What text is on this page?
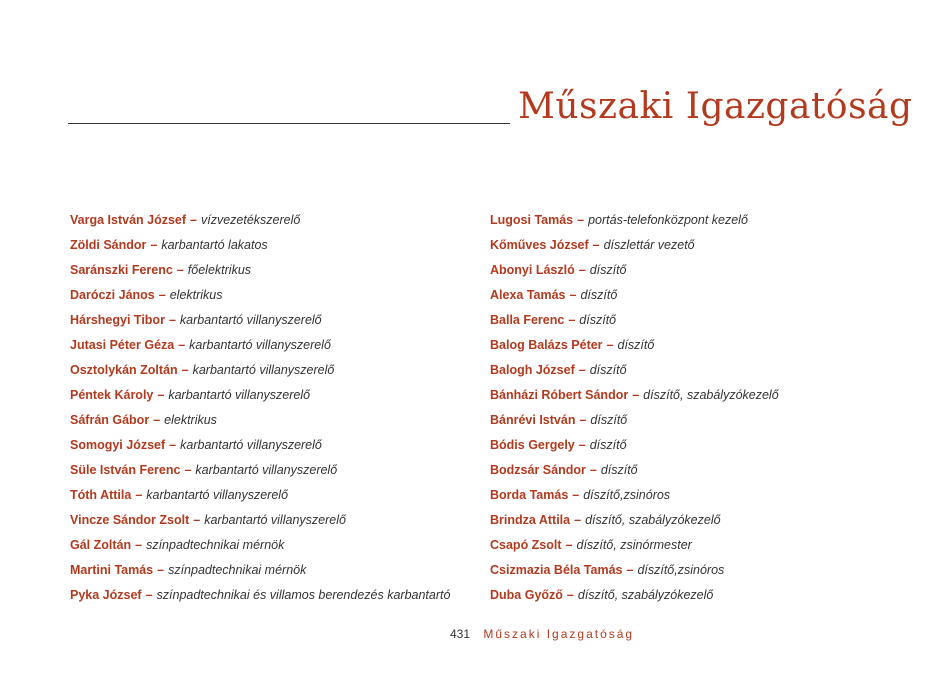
Műszaki Igazgatóság
Varga István József – vízvezetékszerelő
Zöldi Sándor – karbantartó lakatos
Saránszki Ferenc – főelektrikus
Daróczi János – elektrikus
Hárshegyi Tibor – karbantartó villanyszerelő
Jutasi Péter Géza – karbantartó villanyszerelő
Osztolykán Zoltán – karbantartó villanyszerelő
Péntek Károly – karbantartó villanyszerelő
Sáfrán Gábor – elektrikus
Somogyi József – karbantartó villanyszerelő
Süle István Ferenc – karbantartó villanyszerelő
Tóth Attila – karbantartó villanyszerelő
Vincze Sándor Zsolt – karbantartó villanyszerelő
Gál Zoltán – színpadtechnikai mérnök
Martini Tamás – színpadtechnikai mérnök
Pyka József – színpadtechnikai és villamos berendezés karbantartó
Lugosi Tamás – portás-telefonközpont kezelő
Kőműves József – díszlettár vezető
Abonyi László – díszítő
Alexa Tamás – díszítő
Balla Ferenc – díszítő
Balog Balázs Péter – díszítő
Balogh József – díszítő
Bánházi Róbert Sándor – díszítő, szabályzókezelő
Bánrévi István – díszítő
Bódis Gergely – díszítő
Bodzsár Sándor – díszítő
Borda Tamás – díszítő,zsinóros
Brindza Attila – díszítő, szabályzókezelő
Csapó Zsolt – díszítő, zsinórmester
Csizmazia Béla Tamás – díszítő,zsinóros
Duba Győző – díszítő, szabályzókezelő
431 Műszaki Igazgatóság
